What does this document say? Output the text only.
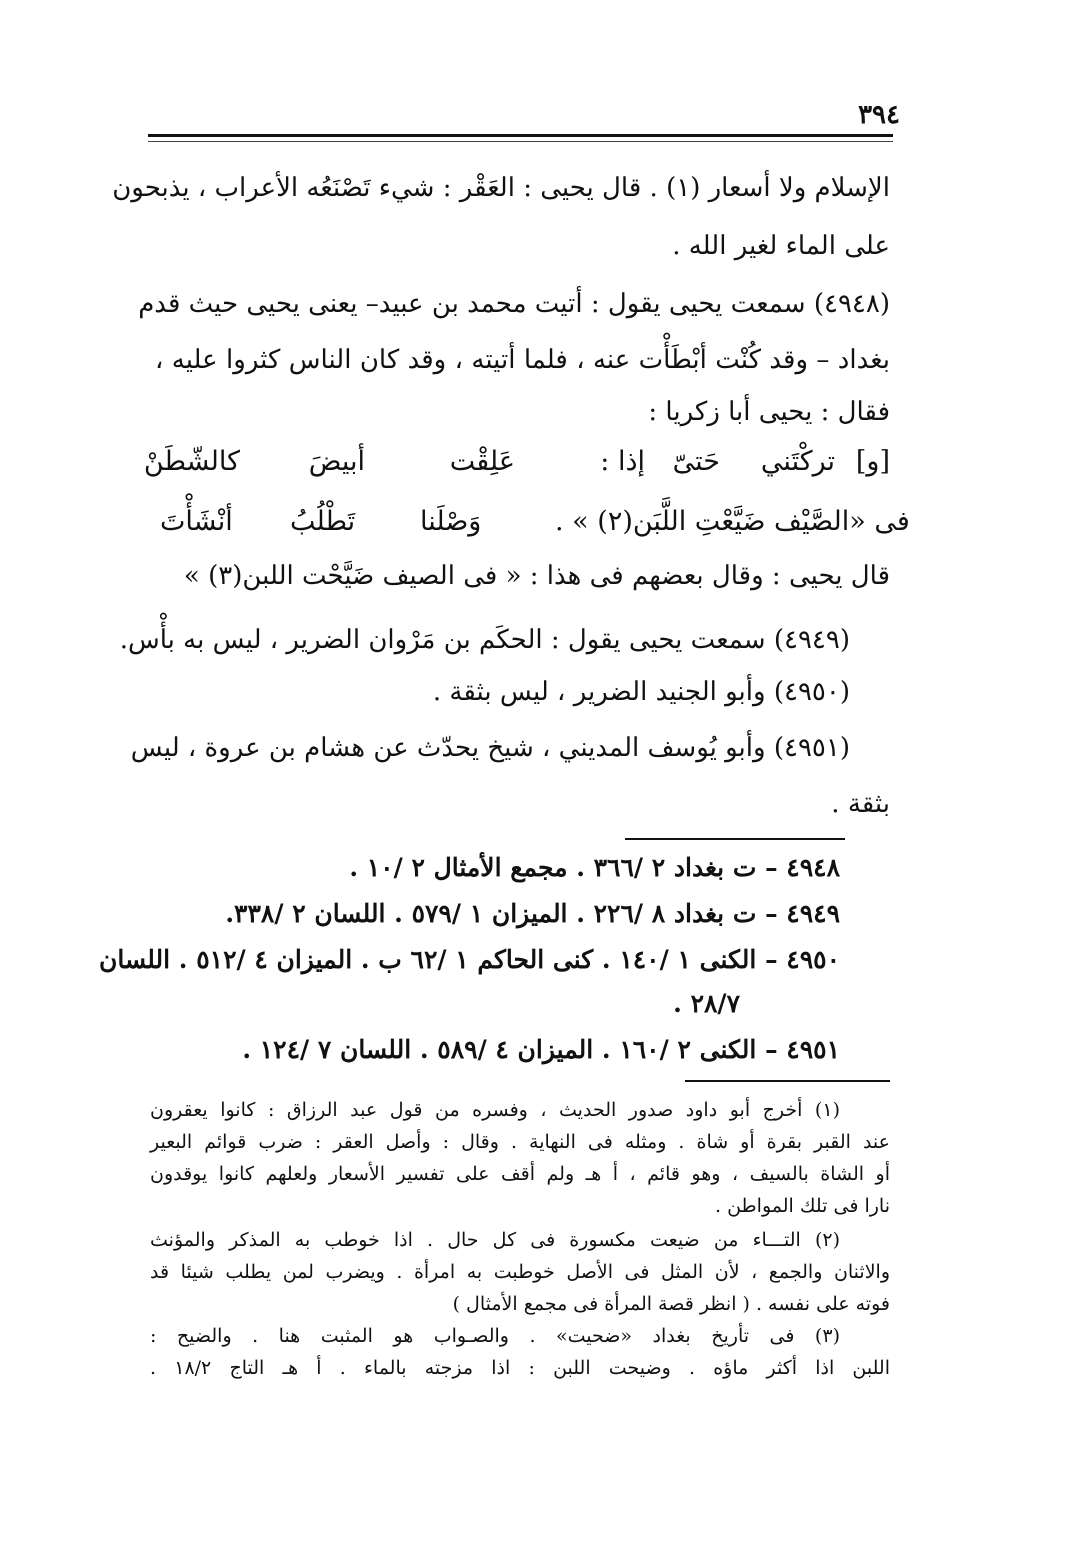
٣٩٤
الإسلام ولا أسعار (١) . قال يحيى : العَقْر : شيء تَصْنَعُه الأعراب ، يذبحون
على الماء لغير الله .
(٤٩٤٨) سمعت يحيى يقول : أتيت محمد بن عبيد– يعنى يحيى حيث قدم
بغداد – وقد كُنْت أبْطَأْت عنه ، فلما أتيته ، وقد كان الناس كثروا عليه ،
فقال : يحيى أبا زكريا :
[و]
تركْتَني
حَتىّ
إذا :
عَلِقْت
أبيضَ
كالشّطَنْ
أنْشَأْتَ تَطْلُبُ وَصْلَنا	فى «الصَّيْف ضَيَّعْتِ اللَّبَن(٢) » .
قال يحيى : وقال بعضهم فى هذا : « فى الصيف ضَيَّحْت اللبن(٣) »
(٤٩٤٩) سمعت يحيى يقول : الحكَم بن مَرْوان الضرير ، ليس به بأْس.
(٤٩٥٠) وأبو الجنيد الضرير ، ليس بثقة .
(٤٩٥١) وأبو يُوسف المديني ، شيخ يحدّث عن هشام بن عروة ، ليس
بثقة .
٤٩٤٨ – ت بغداد ٢ /٣٦٦ . مجمع الأمثال ٢ /١٠ .
٤٩٤٩ – ت بغداد ٨ /٢٢٦ . الميزان ١ /٥٧٩ . اللسان ٢ /٣٣٨.
٤٩٥٠ – الكنى ١ /١٤٠ . كنى الحاكم ١ /٦٢ ب . الميزان ٤ /٥١٢ . اللسان
٢٨/٧ .
٤٩٥١ – الكنى ٢ /١٦٠ . الميزان ٤ /٥٨٩ . اللسان ٧ /١٢٤ .
(١) أخرج أبو داود صدور الحديث ، وفسره من قول عبد الرزاق : كانوا يعقرون
عند القبر بقرة أو شاة . ومثله فى النهاية . وقال : وأصل العقر : ضرب قوائم البعير
أو الشاة بالسيف ، وهو قائم ، أ هـ ولم أقف على تفسير الأسعار ولعلهم كانوا يوقدون
نارا فى تلك المواطن .
(٢) التـــاء من ضيعت مكسورة فى كل حال . اذا خوطب به المذكر والمؤنث
والاثنان والجمع ، لأن المثل فى الأصل خوطبت به امرأة . ويضرب لمن يطلب شيئا قد
فوته على نفسه . ( انظر قصة المرأة فى مجمع الأمثال )
(٣) فى تأريخ بغداد «ضحيت» . والصـواب هو المثبت هنا . والضيح :
اللبن اذا أكثر ماؤه . وضيحت اللبن : اذا مزجته بالماء . أ هـ التاج ١٨/٢ .
